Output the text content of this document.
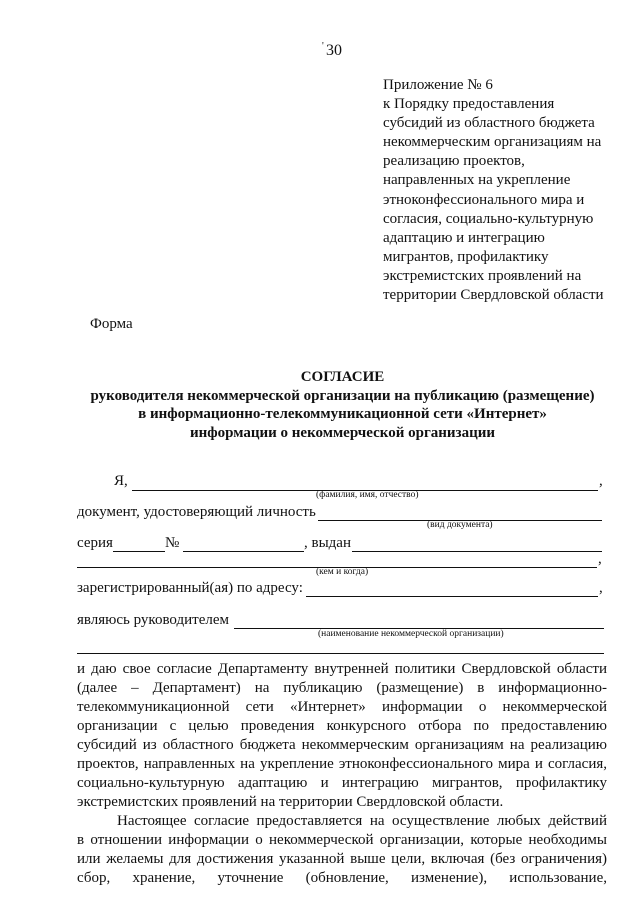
' 30
Приложение № 6
к Порядку предоставления
субсидий из областного бюджета
некоммерческим организациям на
реализацию проектов,
направленных на укрепление
этноконфессионального мира и
согласия, социально-культурную
адаптацию и интеграцию
мигрантов, профилактику
экстремистских проявлений на
территории Свердловской области
Форма
СОГЛАСИЕ
руководителя некоммерческой организации на публикацию (размещение)
в информационно-телекоммуникационной сети «Интернет»
информации о некоммерческой организации
Я,	,
(фамилия, имя, отчество)
документ, удостоверяющий личность
(вид документа)
серия	№	, выдан
,
(кем и когда)
зарегистрированный(ая) по адресу:	,
являюсь руководителем
(наименование некоммерческой организации)
и даю свое согласие Департаменту внутренней политики Свердловской области
(далее – Департамент) на публикацию (размещение) в информационно-
телекоммуникационной сети «Интернет» информации о некоммерческой
организации с целью проведения конкурсного отбора по предоставлению
субсидий из областного бюджета некоммерческим организациям на реализацию
проектов, направленных на укрепление этноконфессионального мира и согласия,
социально-культурную адаптацию и интеграцию мигрантов, профилактику
экстремистских проявлений на территории Свердловской области.
Настоящее согласие предоставляется на осуществление любых действий
в отношении информации о некоммерческой организации, которые необходимы
или желаемы для достижения указанной выше цели, включая (без ограничения)
сбор, хранение, уточнение (обновление, изменение), использование,
